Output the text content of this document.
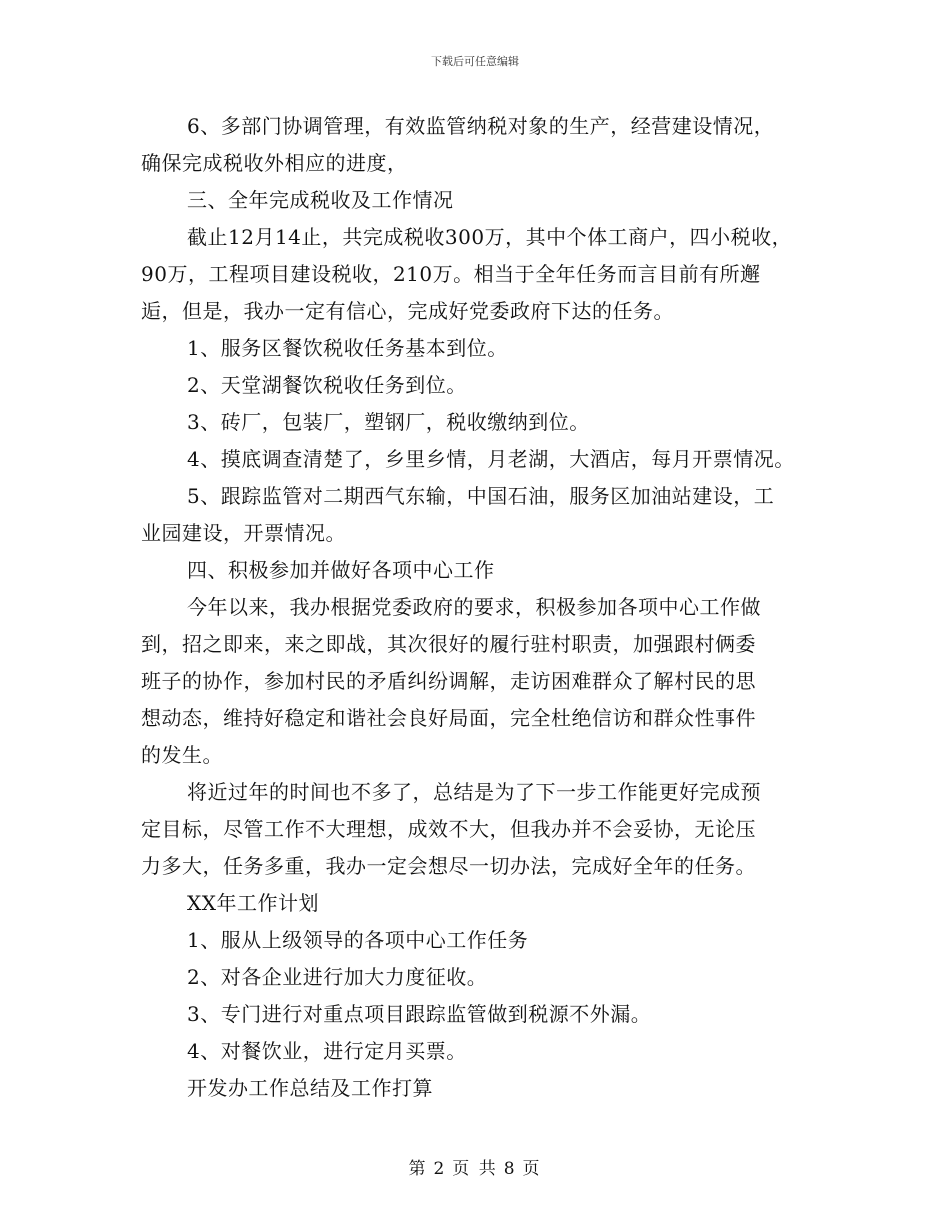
下载后可任意编辑
6、多部门协调管理，有效监管纳税对象的生产，经营建设情况，
确保完成税收外相应的进度，
三、全年完成税收及工作情况
截止12月14止，共完成税收300万，其中个体工商户，四小税收，
90万，工程项目建设税收，210万。相当于全年任务而言目前有所邂
逅，但是，我办一定有信心，完成好党委政府下达的任务。
1、服务区餐饮税收任务基本到位。
2、天堂湖餐饮税收任务到位。
3、砖厂，包装厂，塑钢厂，税收缴纳到位。
4、摸底调查清楚了，乡里乡情，月老湖，大酒店，每月开票情况。
5、跟踪监管对二期西气东输，中国石油，服务区加油站建设，工
业园建设，开票情况。
四、积极参加并做好各项中心工作
今年以来，我办根据党委政府的要求，积极参加各项中心工作做
到，招之即来，来之即战，其次很好的履行驻村职责，加强跟村俩委
班子的协作，参加村民的矛盾纠纷调解，走访困难群众了解村民的思
想动态，维持好稳定和谐社会良好局面，完全杜绝信访和群众性事件
的发生。
将近过年的时间也不多了，总结是为了下一步工作能更好完成预
定目标，尽管工作不大理想，成效不大，但我办并不会妥协，无论压
力多大，任务多重，我办一定会想尽一切办法，完成好全年的任务。
XX年工作计划
1、服从上级领导的各项中心工作任务
2、对各企业进行加大力度征收。
3、专门进行对重点项目跟踪监管做到税源不外漏。
4、对餐饮业，进行定月买票。
开发办工作总结及工作打算
第 2 页 共 8 页
